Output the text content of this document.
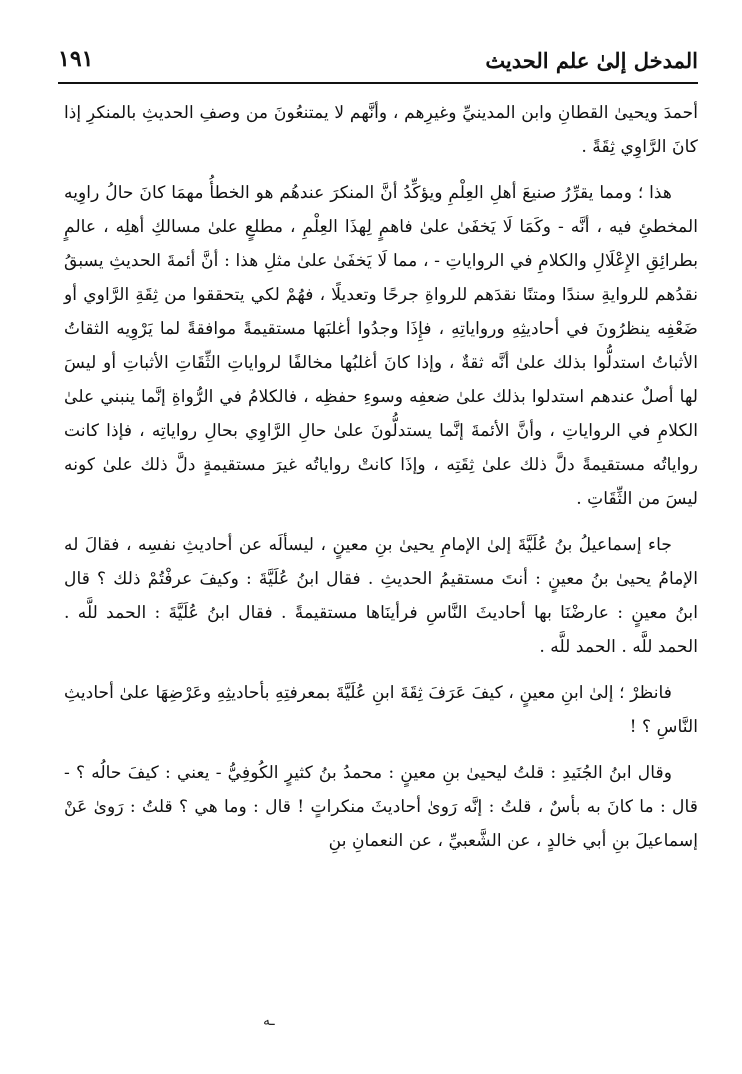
المدخل إلىٰ علم الحديث
١٩١

أحمدَ ويحيىٰ القطانِ وابن المدينيِّ وغيرِهم ، وأنَّهم لا يمتنعُونَ من وصفِ الحديثِ بالمنكرِ إذا كانَ الرَّاوِي ثِقَةً .

هذا ؛ ومما يقرِّرُ صنيعَ أهلِ العِلْمِ ويؤكِّدُ أنَّ المنكرَ عندهُم هو الخطأُ مهمَا كانَ حالُ راوِيه المخطئِ فيه ، أنَّه - وكَمَا لَا يَخفَىٰ علىٰ فاهمٍ لِهذَا العِلْمِ ، مطلعٍ علىٰ مسالكِ أهلِه ، عالمٍ بطرائِقِ الإِعْلَالِ والكلامِ في الرواياتِ - ، مما لَا يَخفَىٰ علىٰ مثلِ هذا : أنَّ أئمةَ الحديثِ يسبقُ نقدُهم للروايةِ سندًا ومتنًا نقدَهم للرواةِ جرحًا وتعديلًا ، فهُمْ لكي يتحققوا من ثِقَةِ الرَّاوي أو ضَعْفِه ينظرُونَ في أحاديثِهِ ورواياتِهِ ، فإِذَا وجدُوا أغلبَها مستقيمةً موافقةً لما يَرْوِيه الثقاتُ الأثباتُ استدلُّوا بذلك علىٰ أنَّه ثقةٌ ، وإذا كانَ أغلبُها مخالفًا لرواياتِ الثِّقَاتِ الأثباتِ أو ليسَ لها أصلٌ عندهم استدلوا بذلك علىٰ ضعفِه وسوءِ حفظِه ، فالكلامُ في الرُّواةِ إنَّما ينبني علىٰ الكلامِ في الرواياتِ ، وأنَّ الأئمةَ إنَّما يستدلُّونَ علىٰ حالِ الرَّاوِي بحالِ رواياتِه ، فإذا كانت رواياتُه مستقيمةً دلَّ ذلك علىٰ ثِقَتِه ، وإذَا كانتْ رواياتُه غيرَ مستقيمةٍ دلَّ ذلك علىٰ كونه ليسَ من الثِّقَاتِ .

جاء إسماعيلُ بنُ عُلَيَّةَ إلىٰ الإمامِ يحيىٰ بنِ معينٍ ، ليسألَه عن أحاديثِ نفسِه ، فقالَ له الإمامُ يحيىٰ بنُ معينٍ : أنتَ مستقيمُ الحديثِ . فقال ابنُ عُلَيَّةَ : وكيفَ عرفْتُمْ ذلك ؟ قال ابنُ معينٍ : عارضْنَا بها أحاديثَ النَّاسِ فرأينَاها مستقيمةً . فقال ابنُ عُلَيَّةَ : الحمد للَّه . الحمد للَّه . الحمد للَّه .

فانظرْ ؛ إلىٰ ابنِ معينٍ ، كيفَ عَرَفَ ثِقَةَ ابنِ عُلَيَّةَ بمعرفتِهِ بأحاديثِهِ وعَرْضِهَا علىٰ أحاديثِ النَّاسِ ؟ !

وقال ابنُ الجُنَيدِ : قلتُ ليحيىٰ بنِ معينٍ : محمدُ بنُ كثيرٍ الكُوفِيُّ - يعني : كيفَ حالُه ؟ - قال : ما كانَ به بأسٌ ، قلتُ : إنَّه رَوىٰ أحاديثَ منكراتٍ ! قال : وما هي ؟ قلتُ : رَوىٰ عَنْ إسماعيلَ بنِ أبي خالدٍ ، عن الشَّعبيِّ ، عن النعمانِ بنِ

ـه
